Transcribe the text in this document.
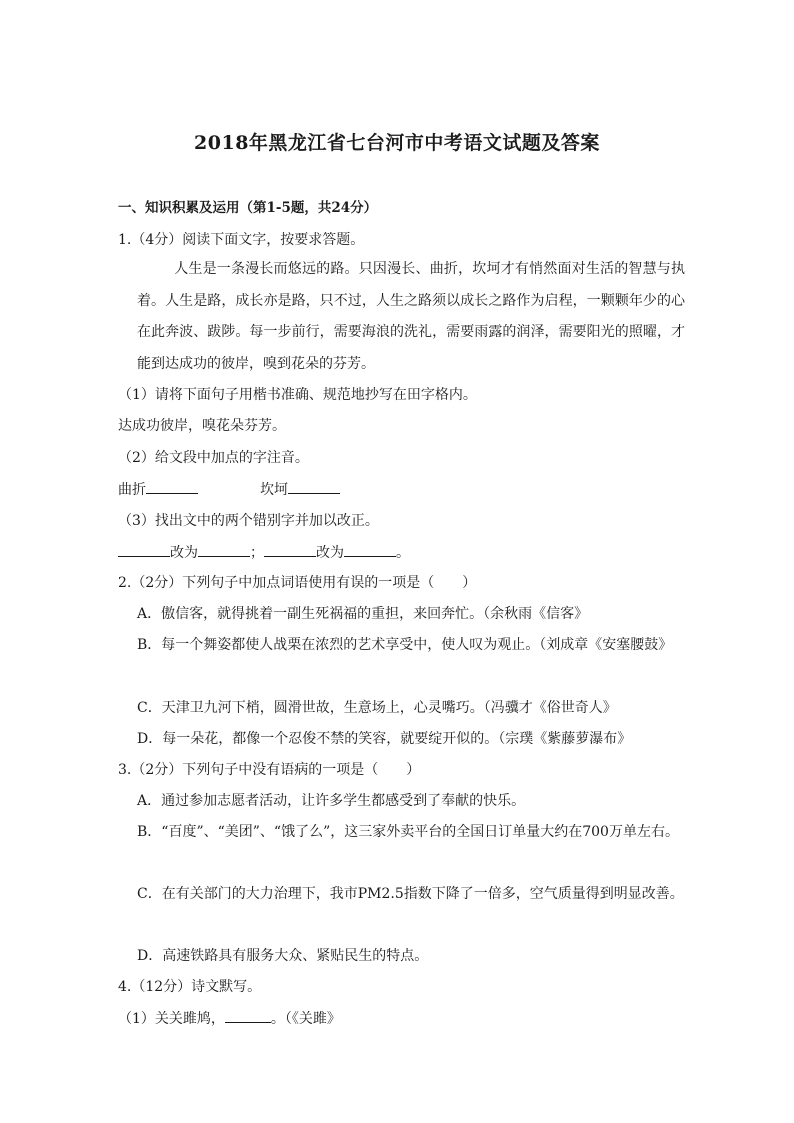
2018年黑龙江省七台河市中考语文试题及答案
一、知识积累及运用（第1-5题，共24分）
1.（4分）阅读下面文字，按要求答题。
人生是一条漫长而悠远的路。只因漫长、曲折，坎坷才有悄然面对生活的智慧与执着。人生是路，成长亦是路，只不过，人生之路须以成长之路作为启程，一颗颗年少的心在此奔波、跋陟。每一步前行，需要海浪的洗礼，需要雨露的润泽，需要阳光的照曜，才能到达成功的彼岸，嗅到花朵的芬芳。
（1）请将下面句子用楷书准确、规范地抄写在田字格内。
达成功彼岸，嗅花朵芬芳。
（2）给文段中加点的字注音。
曲折	坎坷
（3）找出文中的两个错别字并加以改正。
改为	；	改为	。
2.（2分）下列句子中加点词语使用有误的一项是（　　）
A．傲信客，就得挑着一副生死祸福的重担，来回奔忙。（余秋雨《信客》
B．每一个舞姿都使人战栗在浓烈的艺术享受中，使人叹为观止。（刘成章《安塞腰鼓》
C．天津卫九河下梢，圆滑世故，生意场上，心灵嘴巧。（冯骥才《俗世奇人》
D．每一朵花，都像一个忍俊不禁的笑容，就要绽开似的。（宗璞《紫藤萝瀑布》
3.（2分）下列句子中没有语病的一项是（　　）
A．通过参加志愿者活动，让许多学生都感受到了奉献的快乐。
B．“百度”、“美团”、“饿了么”，这三家外卖平台的全国日订单量大约在700万单左右。
C．在有关部门的大力治理下，我市PM2.5指数下降了一倍多，空气质量得到明显改善。
D．高速铁路具有服务大众、紧贴民生的特点。
4.（12分）诗文默写。
（1）关关雎鸠，	。（《关雎》
